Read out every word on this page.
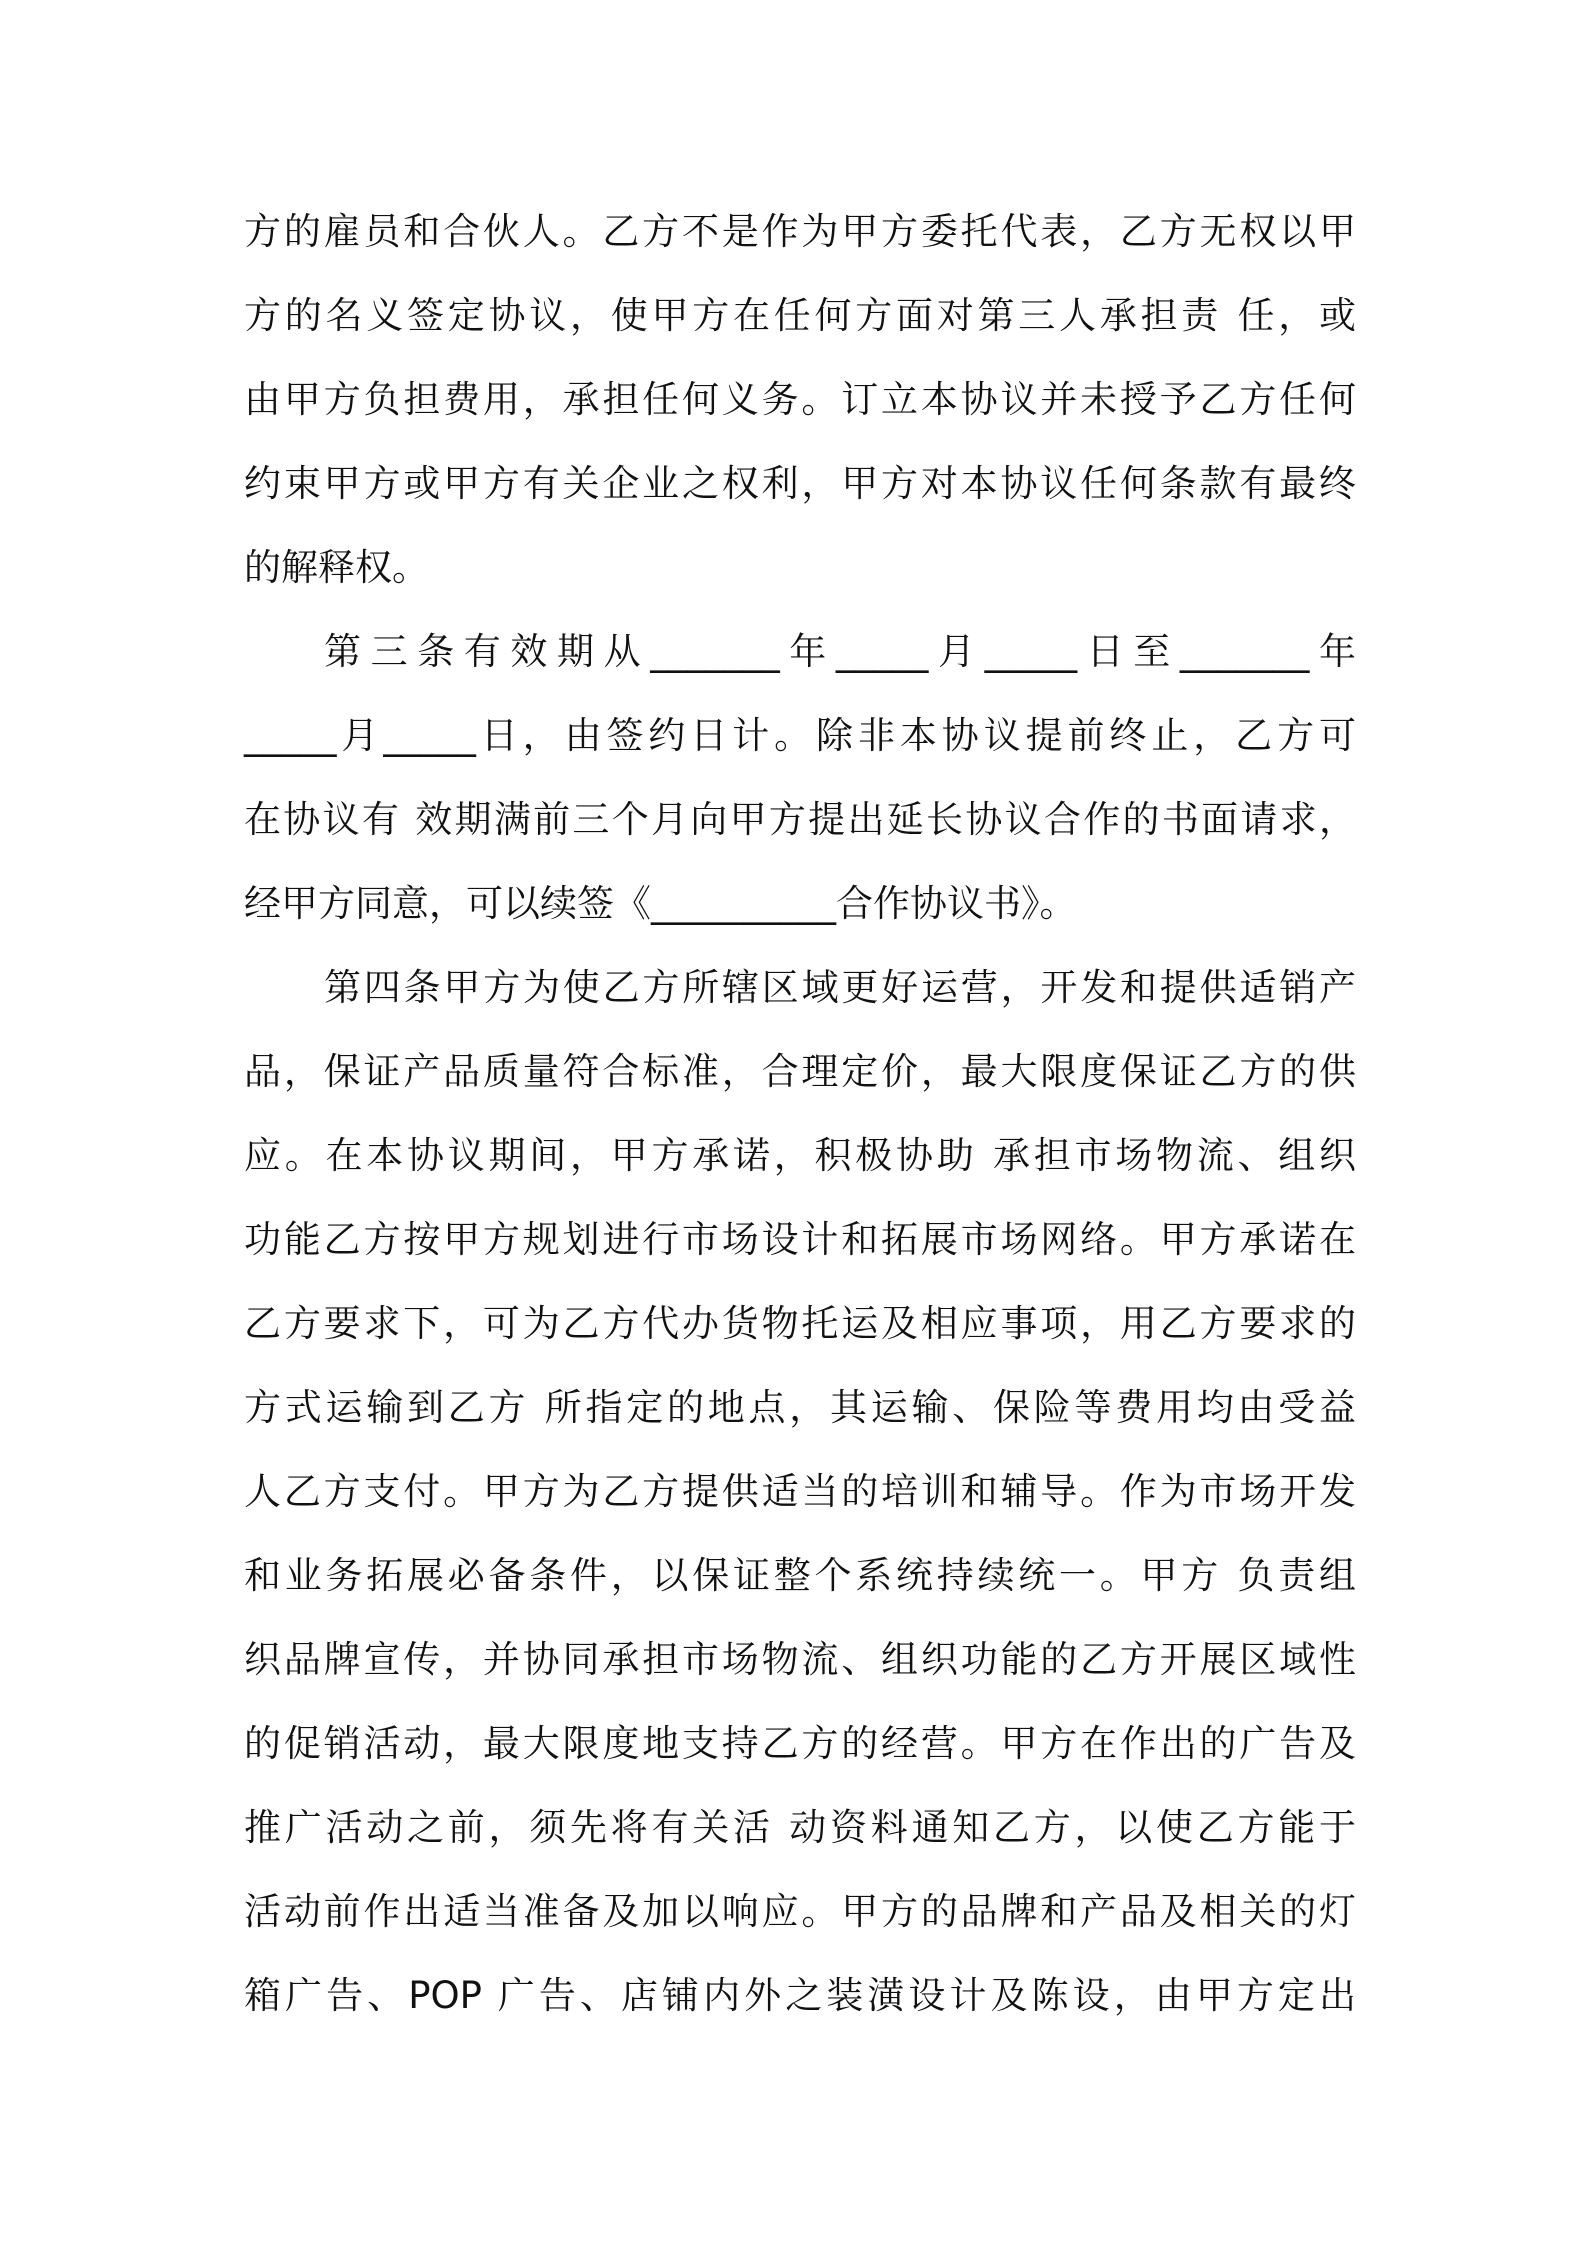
方的雇员和合伙人。乙方不是作为甲方委托代表，乙方无权以甲
方的名义签定协议，使甲方在任何方面对第三人承担责 任，或
由甲方负担费用，承担任何义务。订立本协议并未授予乙方任何
约束甲方或甲方有关企业之权利，甲方对本协议任何条款有最终
的解释权。
第三条有效期从_______年_____月_____日至_______年
_____月_____日，由签约日计。除非本协议提前终止，乙方可
在协议有 效期满前三个月向甲方提出延长协议合作的书面请求，
经甲方同意，可以续签《__________合作协议书》。
第四条甲方为使乙方所辖区域更好运营，开发和提供适销产
品，保证产品质量符合标准，合理定价，最大限度保证乙方的供
应。在本协议期间，甲方承诺，积极协助 承担市场物流、组织
功能乙方按甲方规划进行市场设计和拓展市场网络。甲方承诺在
乙方要求下，可为乙方代办货物托运及相应事项，用乙方要求的
方式运输到乙方 所指定的地点，其运输、保险等费用均由受益
人乙方支付。甲方为乙方提供适当的培训和辅导。作为市场开发
和业务拓展必备条件，以保证整个系统持续统一。甲方 负责组
织品牌宣传，并协同承担市场物流、组织功能的乙方开展区域性
的促销活动，最大限度地支持乙方的经营。甲方在作出的广告及
推广活动之前，须先将有关活 动资料通知乙方，以使乙方能于
活动前作出适当准备及加以响应。甲方的品牌和产品及相关的灯
箱广告、POP 广告、店铺内外之装潢设计及陈设，由甲方定出
